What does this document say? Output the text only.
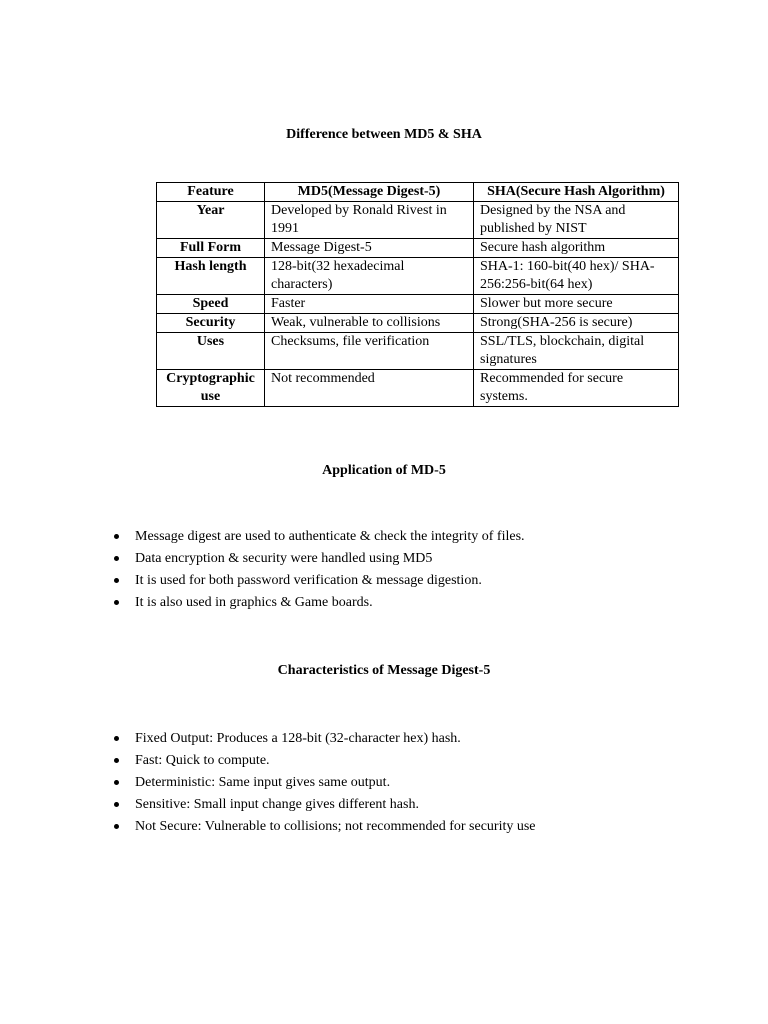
Difference between MD5 & SHA
Feature	MD5(Message Digest-5)	SHA(Secure Hash Algorithm)
Year	Developed by Ronald Rivest in 1991	Designed by the NSA and published by NIST
Full Form	Message Digest-5	Secure hash algorithm
Hash length	128-bit(32 hexadecimal characters)	SHA-1: 160-bit(40 hex)/ SHA-256:256-bit(64 hex)
Speed	Faster	Slower but more secure
Security	Weak, vulnerable to collisions	Strong(SHA-256 is secure)
Uses	Checksums, file verification	SSL/TLS, blockchain, digital signatures
Cryptographic use	Not recommended	Recommended for secure systems.
Application of MD-5
Message digest are used to authenticate & check the integrity of files.
Data encryption & security were handled using MD5
It is used for both password verification & message digestion.
It is also used in graphics & Game boards.
Characteristics of Message Digest-5
Fixed Output: Produces a 128-bit (32-character hex) hash.
Fast: Quick to compute.
Deterministic: Same input gives same output.
Sensitive: Small input change gives different hash.
Not Secure: Vulnerable to collisions; not recommended for security use
